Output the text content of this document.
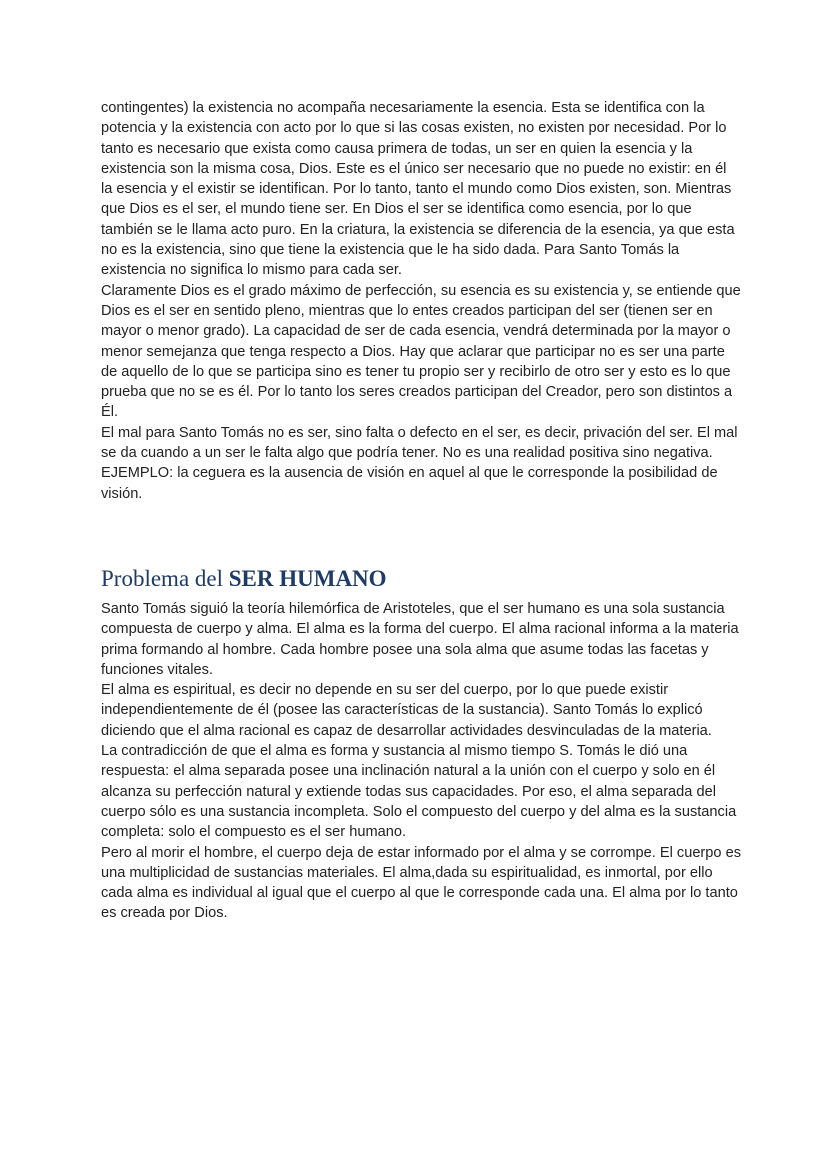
contingentes) la existencia no acompaña necesariamente la esencia. Esta se identifica con la potencia y la existencia con acto por lo que si las cosas existen, no existen por necesidad. Por lo tanto es necesario que exista como causa primera de todas, un ser en quien la esencia y la existencia son la misma cosa, Dios. Este es el único ser necesario que no puede no existir: en él la esencia y el existir se identifican. Por lo tanto, tanto el mundo como Dios existen, son. Mientras que Dios es el ser, el mundo tiene ser. En Dios el ser se identifica como esencia, por lo que también se le llama acto puro. En la criatura, la existencia se diferencia de la esencia, ya que esta no es la existencia, sino que tiene la existencia que le ha sido dada. Para Santo Tomás la existencia no significa lo mismo para cada ser.

Claramente Dios es el grado máximo de perfección, su esencia es su existencia y, se entiende que Dios es el ser en sentido pleno, mientras que lo entes creados participan del ser (tienen ser en mayor o menor grado). La capacidad de ser de cada esencia, vendrá determinada por la mayor o menor semejanza que tenga respecto a Dios. Hay que aclarar que participar no es ser una parte de aquello de lo que se participa sino es tener tu propio ser y recibirlo de otro ser y esto es lo que prueba que no se es él. Por lo tanto los seres creados participan del Creador, pero son distintos a Él.

El mal para Santo Tomás no es ser, sino falta o defecto en el ser, es decir, privación del ser. El mal se da cuando a un ser le falta algo que podría tener. No es una realidad positiva sino negativa. EJEMPLO: la ceguera es la ausencia de visión en aquel al que le corresponde la posibilidad de visión.

Problema del SER HUMANO

Santo Tomás siguió la teoría hilemórfica de Aristoteles, que el ser humano es una sola sustancia compuesta de cuerpo y alma. El alma es la forma del cuerpo. El alma racional informa a la materia prima formando al hombre. Cada hombre posee una sola alma que asume todas las facetas y funciones vitales.

El alma es espiritual, es decir no depende en su ser del cuerpo, por lo que puede existir independientemente de él (posee las características de la sustancia). Santo Tomás lo explicó diciendo que el alma racional es capaz de desarrollar actividades desvinculadas de la materia.

La contradicción de que el alma es forma y sustancia al mismo tiempo S. Tomás le dió una respuesta: el alma separada posee una inclinación natural a la unión con el cuerpo y solo en él alcanza su perfección natural y extiende todas sus capacidades. Por eso, el alma separada del cuerpo sólo es una sustancia incompleta. Solo el compuesto del cuerpo y del alma es la sustancia completa: solo el compuesto es el ser humano.

Pero al morir el hombre, el cuerpo deja de estar informado por el alma y se corrompe. El cuerpo es una multiplicidad de sustancias materiales. El alma,dada su espiritualidad, es inmortal, por ello cada alma es individual al igual que el cuerpo al que le corresponde cada una. El alma por lo tanto es creada por Dios.
